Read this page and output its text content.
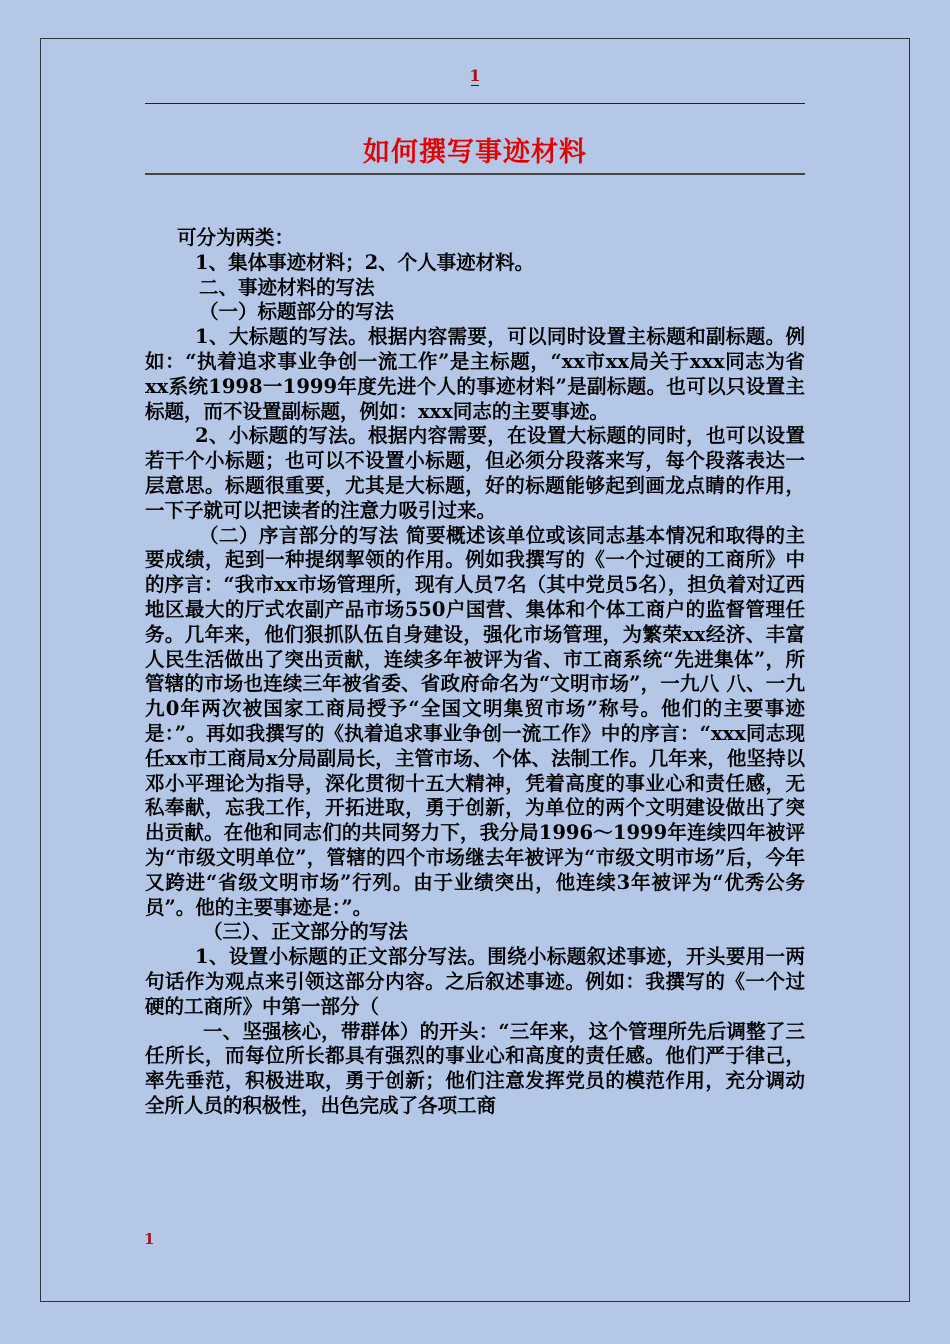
1
如何撰写事迹材料

可分为两类：

1、集体事迹材料；2、个人事迹材料。

二、事迹材料的写法

（一）标题部分的写法

1、大标题的写法。根据内容需要，可以同时设置主标题和副标题。例如：“执着追求事业争创一流工作”是主标题，“xx市xx局关于xxx同志为省xx系统1998一1999年度先进个人的事迹材料”是副标题。也可以只设置主标题，而不设置副标题，例如：xxx同志的主要事迹。

2、小标题的写法。根据内容需要，在设置大标题的同时，也可以设置若干个小标题；也可以不设置小标题，但必须分段落来写，每个段落表达一层意思。标题很重要，尤其是大标题，好的标题能够起到画龙点睛的作用，一下子就可以把读者的注意力吸引过来。

（二）序言部分的写法 简要概述该单位或该同志基本情况和取得的主要成绩，起到一种提纲挈领的作用。例如我撰写的《一个过硬的工商所》中的序言：“我市xx市场管理所，现有人员7名（其中党员5名），担负着对辽西地区最大的厅式农副产品市场550户国营、集体和个体工商户的监督管理任务。几年来，他们狠抓队伍自身建设，强化市场管理，为繁荣xx经济、丰富人民生活做出了突出贡献，连续多年被评为省、市工商系统“先进集体”，所管辖的市场也连续三年被省委、省政府命名为“文明市场”，一九八 八、一九九0年两次被国家工商局授予“全国文明集贸市场”称号。他们的主要事迹是：”。再如我撰写的《执着追求事业争创一流工作》中的序言：“xxx同志现任xx市工商局x分局副局长，主管市场、个体、法制工作。几年来，他坚持以邓小平理论为指导，深化贯彻十五大精神，凭着高度的事业心和责任感，无私奉献，忘我工作，开拓进取，勇于创新，为单位的两个文明建设做出了突出贡献。在他和同志们的共同努力下，我分局1996～1999年连续四年被评为“市级文明单位”，管辖的四个市场继去年被评为“市级文明市场”后，今年又跨进“省级文明市场”行列。由于业绩突出，他连续3年被评为“优秀公务员”。他的主要事迹是：”。

（三）、正文部分的写法

1、设置小标题的正文部分写法。围绕小标题叙述事迹，开头要用一两句话作为观点来引领这部分内容。之后叙述事迹。例如：我撰写的《一个过硬的工商所》中第一部分（

一、坚强核心，带群体）的开头：“三年来，这个管理所先后调整了三任所长，而每位所长都具有强烈的事业心和高度的责任感。他们严于律己，率先垂范，积极进取，勇于创新；他们注意发挥党员的模范作用，充分调动全所人员的积极性，出色完成了各项工商

1
